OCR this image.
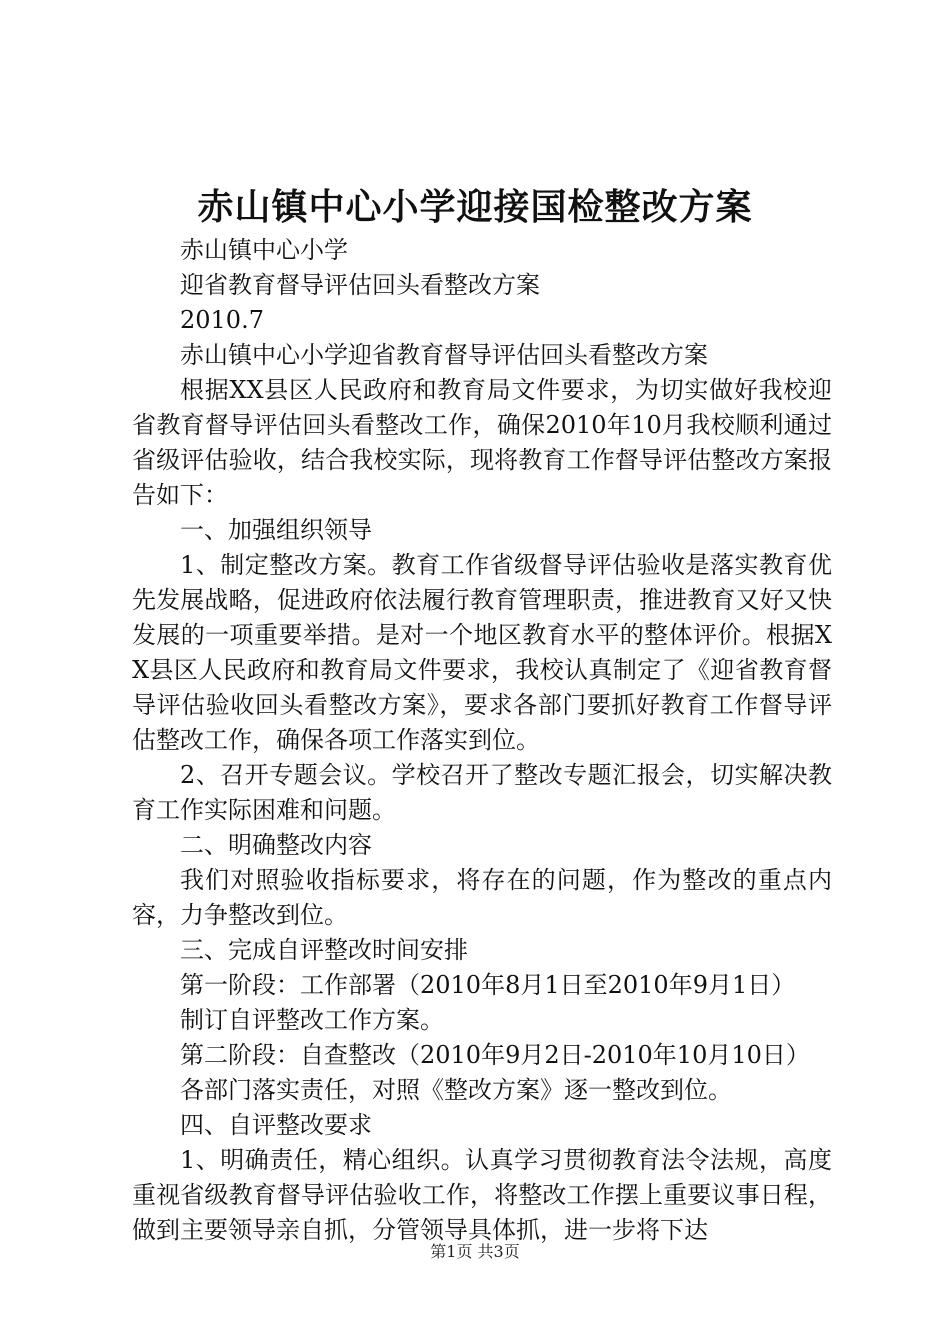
赤山镇中心小学迎接国检整改方案

赤山镇中心小学

迎省教育督导评估回头看整改方案

2010.7

赤山镇中心小学迎省教育督导评估回头看整改方案

根据XX县区人民政府和教育局文件要求，为切实做好我校迎省教育督导评估回头看整改工作，确保2010年10月我校顺利通过省级评估验收，结合我校实际，现将教育工作督导评估整改方案报告如下：

一、加强组织领导

1、制定整改方案。教育工作省级督导评估验收是落实教育优先发展战略，促进政府依法履行教育管理职责，推进教育又好又快发展的一项重要举措。是对一个地区教育水平的整体评价。根据XX县区人民政府和教育局文件要求，我校认真制定了《迎省教育督导评估验收回头看整改方案》，要求各部门要抓好教育工作督导评估整改工作，确保各项工作落实到位。

2、召开专题会议。学校召开了整改专题汇报会，切实解决教育工作实际困难和问题。

二、明确整改内容

我们对照验收指标要求，将存在的问题，作为整改的重点内容，力争整改到位。

三、完成自评整改时间安排

第一阶段：工作部署（2010年8月1日至2010年9月1日）

制订自评整改工作方案。

第二阶段：自查整改（2010年9月2日-2010年10月10日）

各部门落实责任，对照《整改方案》逐一整改到位。

四、自评整改要求

1、明确责任，精心组织。认真学习贯彻教育法令法规，高度重视省级教育督导评估验收工作，将整改工作摆上重要议事日程，做到主要领导亲自抓，分管领导具体抓，进一步将下达

第1页 共3页
